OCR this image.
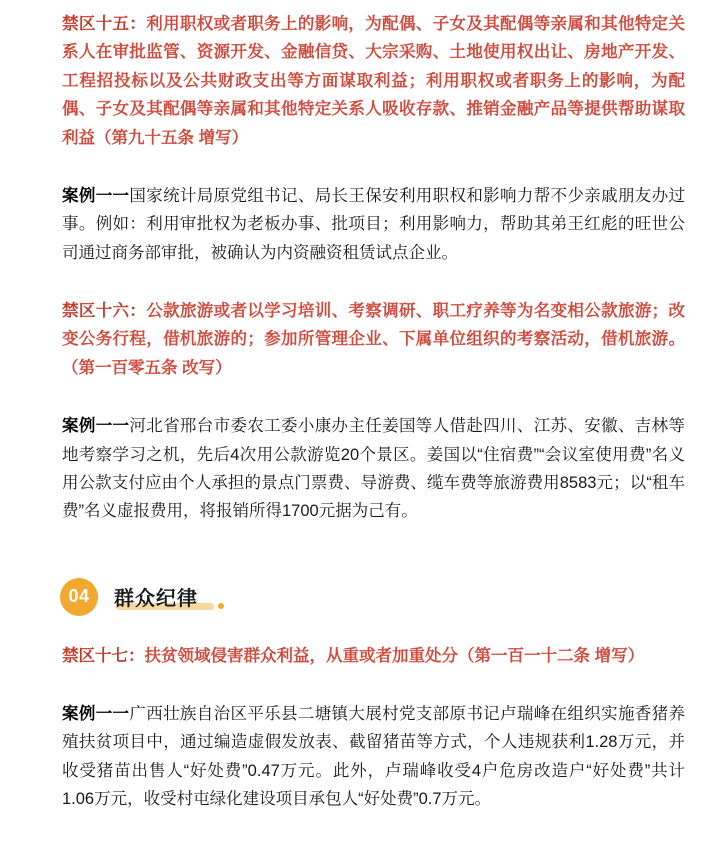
禁区十五：利用职权或者职务上的影响，为配偶、子女及其配偶等亲属和其他特定关系人在审批监管、资源开发、金融信贷、大宗采购、土地使用权出让、房地产开发、工程招投标以及公共财政支出等方面谋取利益；利用职权或者职务上的影响，为配偶、子女及其配偶等亲属和其他特定关系人吸收存款、推销金融产品等提供帮助谋取利益（第九十五条 增写）

案例一一国家统计局原党组书记、局长王保安利用职权和影响力帮不少亲戚朋友办过事。例如：利用审批权为老板办事、批项目；利用影响力，帮助其弟王红彪的旺世公司通过商务部审批，被确认为内资融资租赁试点企业。

禁区十六：公款旅游或者以学习培训、考察调研、职工疗养等为名变相公款旅游；改变公务行程，借机旅游的；参加所管理企业、下属单位组织的考察活动，借机旅游。（第一百零五条 改写）

案例一一河北省邢台市委农工委小康办主任姜国等人借赴四川、江苏、安徽、吉林等地考察学习之机，先后4次用公款游览20个景区。姜国以“住宿费”“会议室使用费”名义用公款支付应由个人承担的景点门票费、导游费、缆车费等旅游费用8583元；以“租车费”名义虚报费用，将报销所得1700元据为己有。

04	群众纪律

禁区十七：扶贫领域侵害群众利益，从重或者加重处分（第一百一十二条 增写）

案例一一广西壮族自治区平乐县二塘镇大展村党支部原书记卢瑞峰在组织实施香猪养殖扶贫项目中，通过编造虚假发放表、截留猪苗等方式，个人违规获利1.28万元，并收受猪苗出售人“好处费”0.47万元。此外，卢瑞峰收受4户危房改造户“好处费”共计1.06万元，收受村屯绿化建设项目承包人“好处费”0.7万元。
